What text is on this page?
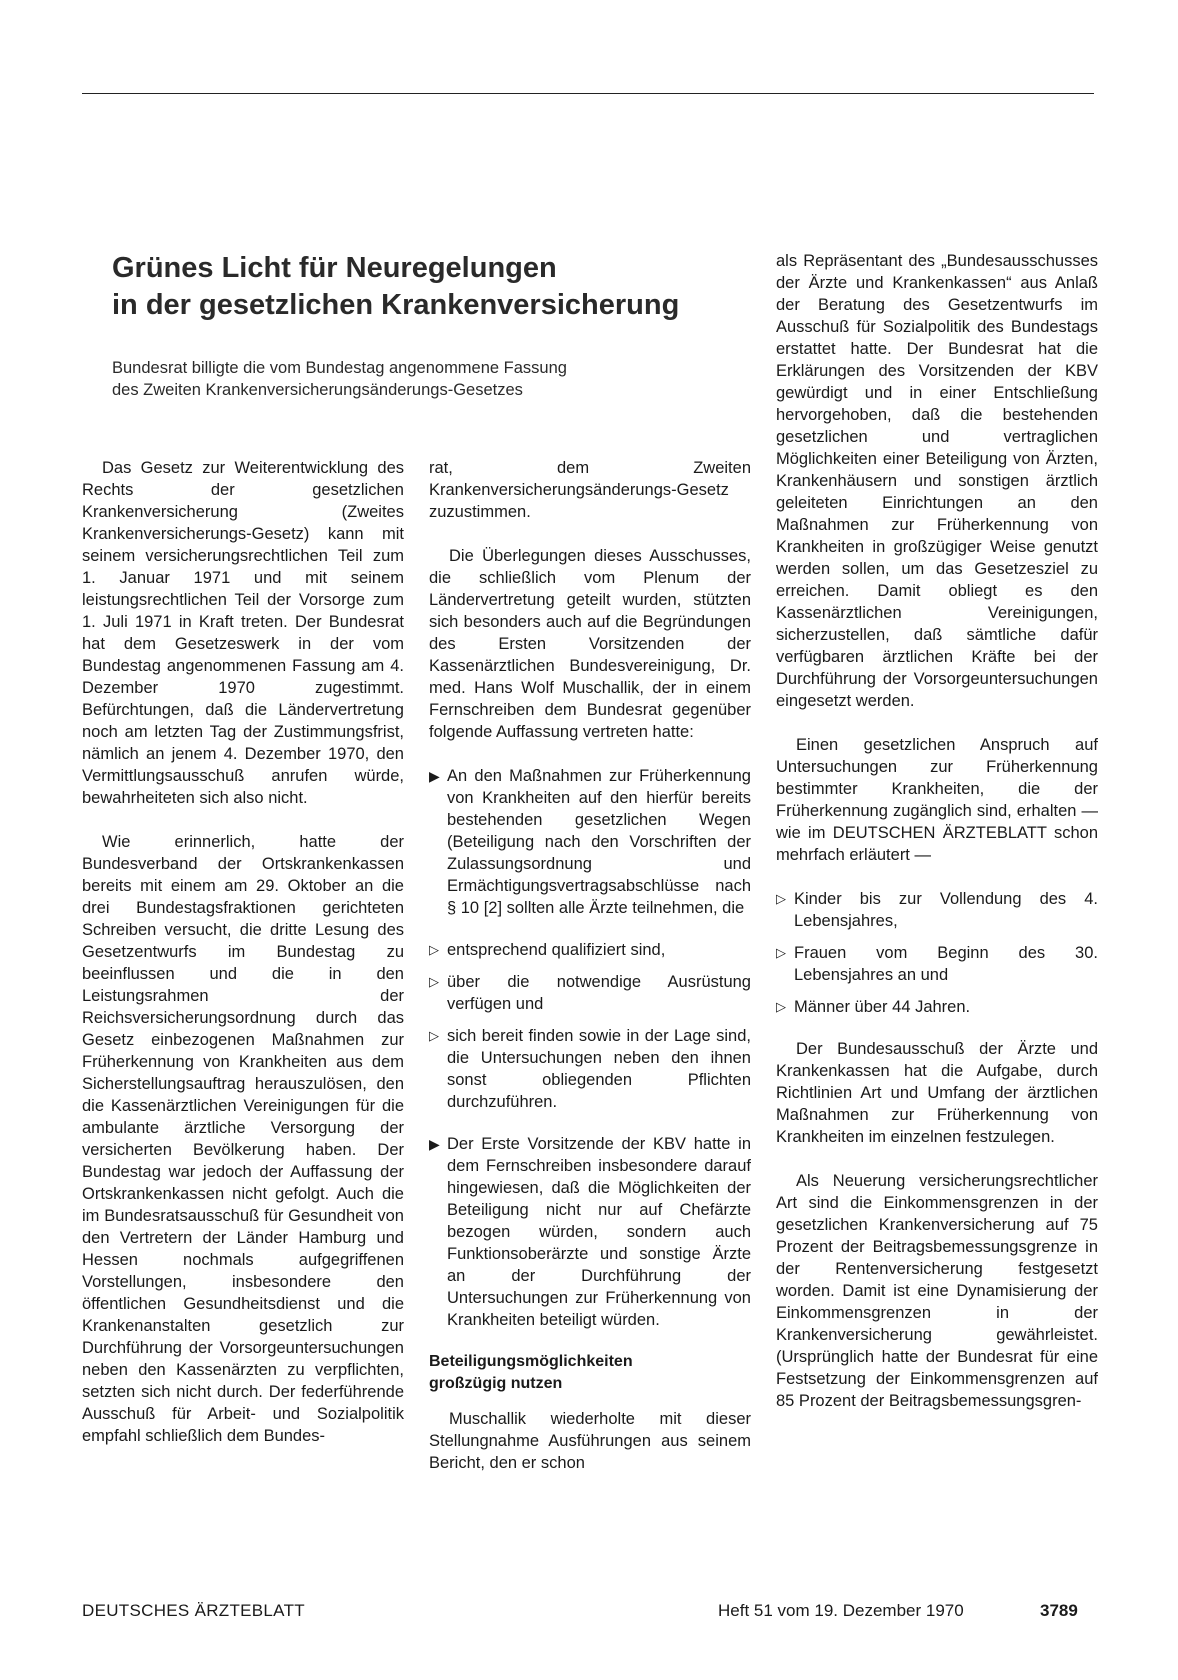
Grünes Licht für Neuregelungen
in der gesetzlichen Krankenversicherung
Bundesrat billigte die vom Bundestag angenommene Fassung
des Zweiten Krankenversicherungsänderungs-Gesetzes

Das Gesetz zur Weiterentwicklung des Rechts der gesetzlichen Krankenversicherung (Zweites Krankenversicherungs-Gesetz) kann mit seinem versicherungsrechtlichen Teil zum 1. Januar 1971 und mit seinem leistungsrechtlichen Teil der Vorsorge zum 1. Juli 1971 in Kraft treten. Der Bundesrat hat dem Gesetzeswerk in der vom Bundestag angenommenen Fassung am 4. Dezember 1970 zugestimmt. Befürchtungen, daß die Ländervertretung noch am letzten Tag der Zustimmungsfrist, nämlich an jenem 4. Dezember 1970, den Vermittlungsausschuß anrufen würde, bewahrheiteten sich also nicht.

Wie erinnerlich, hatte der Bundesverband der Ortskrankenkassen bereits mit einem am 29. Oktober an die drei Bundestagsfraktionen gerichteten Schreiben versucht, die dritte Lesung des Gesetzentwurfs im Bundestag zu beeinflussen und die in den Leistungsrahmen der Reichsversicherungsordnung durch das Gesetz einbezogenen Maßnahmen zur Früherkennung von Krankheiten aus dem Sicherstellungsauftrag herauszulösen, den die Kassenärztlichen Vereinigungen für die ambulante ärztliche Versorgung der versicherten Bevölkerung haben. Der Bundestag war jedoch der Auffassung der Ortskrankenkassen nicht gefolgt. Auch die im Bundesratsausschuß für Gesundheit von den Vertretern der Länder Hamburg und Hessen nochmals aufgegriffenen Vorstellungen, insbesondere den öffentlichen Gesundheitsdienst und die Krankenanstalten gesetzlich zur Durchführung der Vorsorgeuntersuchungen neben den Kassenärzten zu verpflichten, setzten sich nicht durch. Der federführende Ausschuß für Arbeit- und Sozialpolitik empfahl schließlich dem Bundes-

rat, dem Zweiten Krankenversicherungsänderungs-Gesetz zuzustimmen.

Die Überlegungen dieses Ausschusses, die schließlich vom Plenum der Ländervertretung geteilt wurden, stützten sich besonders auch auf die Begründungen des Ersten Vorsitzenden der Kassenärztlichen Bundesvereinigung, Dr. med. Hans Wolf Muschallik, der in einem Fernschreiben dem Bundesrat gegenüber folgende Auffassung vertreten hatte:

▶ An den Maßnahmen zur Früherkennung von Krankheiten auf den hierfür bereits bestehenden gesetzlichen Wegen (Beteiligung nach den Vorschriften der Zulassungsordnung und Ermächtigungsvertragsabschlüsse nach § 10 [2] sollten alle Ärzte teilnehmen, die
▷ entsprechend qualifiziert sind,
▷ über die notwendige Ausrüstung verfügen und
▷ sich bereit finden sowie in der Lage sind, die Untersuchungen neben den ihnen sonst obliegenden Pflichten durchzuführen.
▶ Der Erste Vorsitzende der KBV hatte in dem Fernschreiben insbesondere darauf hingewiesen, daß die Möglichkeiten der Beteiligung nicht nur auf Chefärzte bezogen würden, sondern auch Funktionsoberärzte und sonstige Ärzte an der Durchführung der Untersuchungen zur Früherkennung von Krankheiten beteiligt würden.
Beteiligungsmöglichkeiten
großzügig nutzen

Muschallik wiederholte mit dieser Stellungnahme Ausführungen aus seinem Bericht, den er schon

als Repräsentant des „Bundesausschusses der Ärzte und Krankenkassen“ aus Anlaß der Beratung des Gesetzentwurfs im Ausschuß für Sozialpolitik des Bundestags erstattet hatte. Der Bundesrat hat die Erklärungen des Vorsitzenden der KBV gewürdigt und in einer Entschließung hervorgehoben, daß die bestehenden gesetzlichen und vertraglichen Möglichkeiten einer Beteiligung von Ärzten, Krankenhäusern und sonstigen ärztlich geleiteten Einrichtungen an den Maßnahmen zur Früherkennung von Krankheiten in großzügiger Weise genutzt werden sollen, um das Gesetzesziel zu erreichen. Damit obliegt es den Kassenärztlichen Vereinigungen, sicherzustellen, daß sämtliche dafür verfügbaren ärztlichen Kräfte bei der Durchführung der Vorsorgeuntersuchungen eingesetzt werden.

Einen gesetzlichen Anspruch auf Untersuchungen zur Früherkennung bestimmter Krankheiten, die der Früherkennung zugänglich sind, erhalten — wie im DEUTSCHEN ÄRZTEBLATT schon mehrfach erläutert —

▷ Kinder bis zur Vollendung des 4. Lebensjahres,
▷ Frauen vom Beginn des 30. Lebensjahres an und
▷ Männer über 44 Jahren.

Der Bundesausschuß der Ärzte und Krankenkassen hat die Aufgabe, durch Richtlinien Art und Umfang der ärztlichen Maßnahmen zur Früherkennung von Krankheiten im einzelnen festzulegen.

Als Neuerung versicherungsrechtlicher Art sind die Einkommensgrenzen in der gesetzlichen Krankenversicherung auf 75 Prozent der Beitragsbemessungsgrenze in der Rentenversicherung festgesetzt worden. Damit ist eine Dynamisierung der Einkommensgrenzen in der Krankenversicherung gewährleistet. (Ursprünglich hatte der Bundesrat für eine Festsetzung der Einkommensgrenzen auf 85 Prozent der Beitragsbemessungsgren-

DEUTSCHES ÄRZTEBLATT	Heft 51 vom 19. Dezember 1970	3789
